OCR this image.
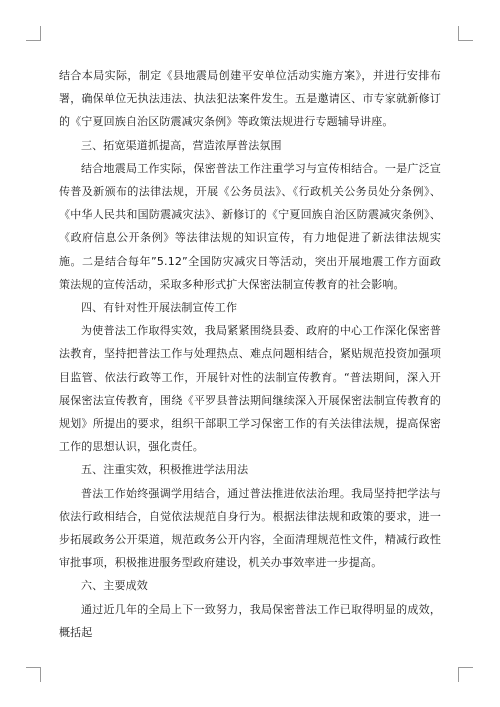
结合本局实际，制定《县地震局创建平安单位活动实施方案》，并进行安排布署，确保单位无执法违法、执法犯法案件发生。五是邀请区、市专家就新修订的《宁夏回族自治区防震减灾条例》等政策法规进行专题辅导讲座。

三、拓宽渠道抓提高，营造浓厚普法氛围

结合地震局工作实际，保密普法工作注重学习与宣传相结合。一是广泛宣传普及新颁布的法律法规，开展《公务员法》、《行政机关公务员处分条例》、《中华人民共和国防震减灾法》、新修订的《宁夏回族自治区防震减灾条例》、《政府信息公开条例》等法律法规的知识宣传，有力地促进了新法律法规实施。二是结合每年”5.12”全国防灾减灾日等活动，突出开展地震工作方面政策法规的宣传活动，采取多种形式扩大保密法制宣传教育的社会影响。

四、有针对性开展法制宣传工作

为使普法工作取得实效，我局紧紧围绕县委、政府的中心工作深化保密普法教育，坚持把普法工作与处理热点、难点问题相结合，紧贴规范投资加强项目监管、依法行政等工作，开展针对性的法制宣传教育。“普法期间，深入开展保密法宣传教育，围绕《平罗县普法期间继续深入开展保密法制宣传教育的规划》所提出的要求，组织干部职工学习保密工作的有关法律法规，提高保密工作的思想认识，强化责任。

五、注重实效，积极推进学法用法

普法工作始终强调学用结合，通过普法推进依法治理。我局坚持把学法与依法行政相结合，自觉依法规范自身行为。根据法律法规和政策的要求，进一步拓展政务公开渠道，规范政务公开内容，全面清理规范性文件，精减行政性审批事项，积极推进服务型政府建设，机关办事效率进一步提高。

六、主要成效

通过近几年的全局上下一致努力，我局保密普法工作已取得明显的成效，概括起
